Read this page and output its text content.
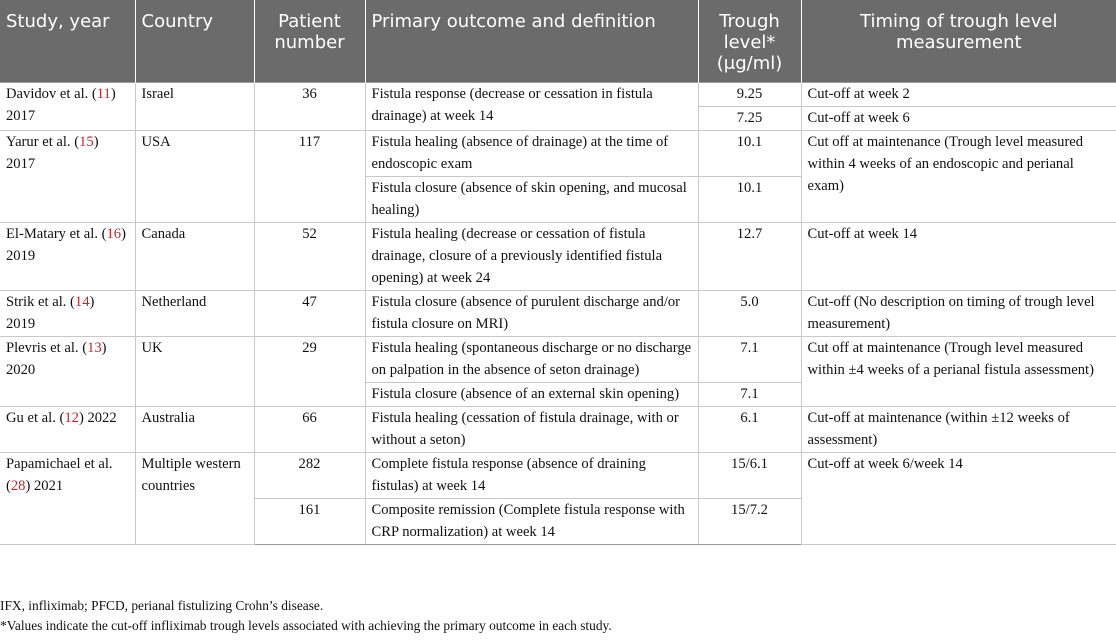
Study, year	Country	Patient number	Primary outcome and definition	Trough level* (μg/ml)	Timing of trough level measurement
Davidov et al. (11)
2017	Israel	36	Fistula response (decrease or cessation in fistula drainage) at week 14	9.25	Cut-off at week 2
				7.25	Cut-off at week 6
Yarur et al. (15)
2017	USA	117	Fistula healing (absence of drainage) at the time of endoscopic exam	10.1	Cut off at maintenance (Trough level measured within 4 weeks of an endoscopic and perianal exam)
			Fistula closure (absence of skin opening, and mucosal healing)	10.1	
El-Matary et al. (16) 2019	Canada	52	Fistula healing (decrease or cessation of fistula drainage, closure of a previously identified fistula opening) at week 24	12.7	Cut-off at week 14
Strik et al. (14)
2019	Netherland	47	Fistula closure (absence of purulent discharge and/or fistula closure on MRI)	5.0	Cut-off (No description on timing of trough level measurement)
Plevris et al. (13)
2020	UK	29	Fistula healing (spontaneous discharge or no discharge on palpation in the absence of seton drainage)	7.1	Cut off at maintenance (Trough level measured within ±4 weeks of a perianal fistula assessment)
			Fistula closure (absence of an external skin opening)	7.1	
Gu et al. (12) 2022	Australia	66	Fistula healing (cessation of fistula drainage, with or without a seton)	6.1	Cut-off at maintenance (within ±12 weeks of assessment)
Papamichael et al.
(28) 2021	Multiple western countries	282	Complete fistula response (absence of draining fistulas) at week 14	15/6.1	Cut-off at week 6/week 14
		161	Composite remission (Complete fistula response with CRP normalization) at week 14	15/7.2	
IFX, infliximab; PFCD, perianal fistulizing Crohn’s disease.
*Values indicate the cut-off infliximab trough levels associated with achieving the primary outcome in each study.
